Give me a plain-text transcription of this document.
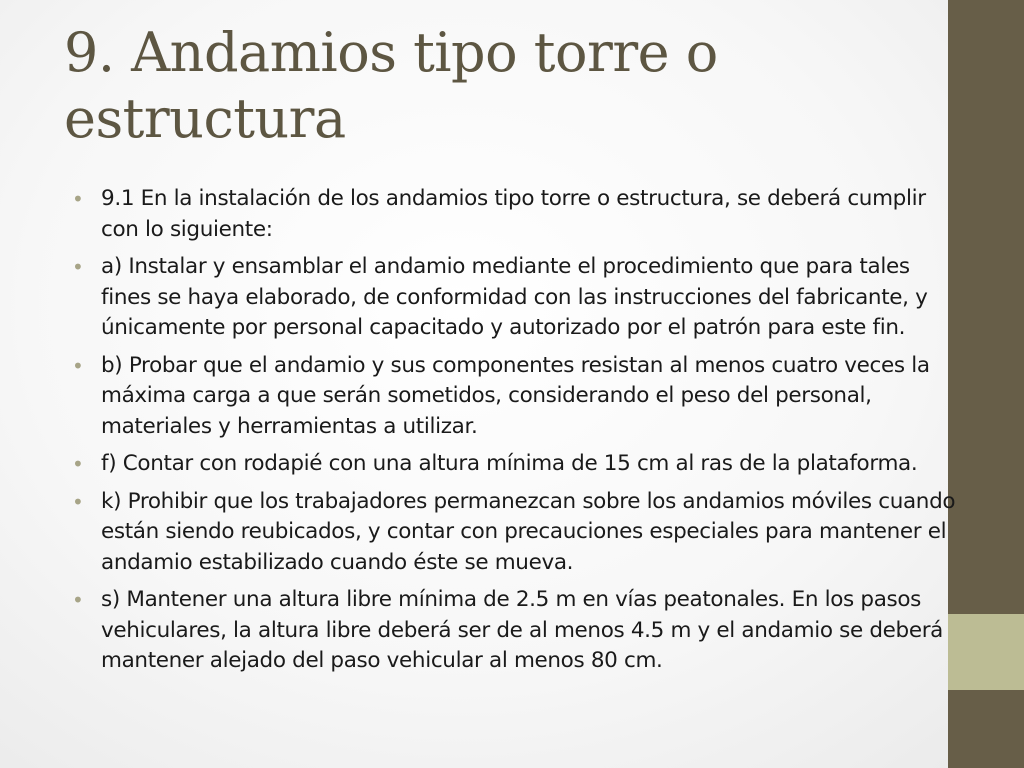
9. Andamios tipo torre o estructura
• 9.1 En la instalación de los andamios tipo torre o estructura, se deberá cumplir con lo siguiente:
• a) Instalar y ensamblar el andamio mediante el procedimiento que para tales fines se haya elaborado, de conformidad con las instrucciones del fabricante, y únicamente por personal capacitado y autorizado por el patrón para este fin.
• b) Probar que el andamio y sus componentes resistan al menos cuatro veces la máxima carga a que serán sometidos, considerando el peso del personal, materiales y herramientas a utilizar.
• f) Contar con rodapié con una altura mínima de 15 cm al ras de la plataforma.
• k) Prohibir que los trabajadores permanezcan sobre los andamios móviles cuando están siendo reubicados, y contar con precauciones especiales para mantener el andamio estabilizado cuando éste se mueva.
• s) Mantener una altura libre mínima de 2.5 m en vías peatonales. En los pasos vehiculares, la altura libre deberá ser de al menos 4.5 m y el andamio se deberá mantener alejado del paso vehicular al menos 80 cm.
